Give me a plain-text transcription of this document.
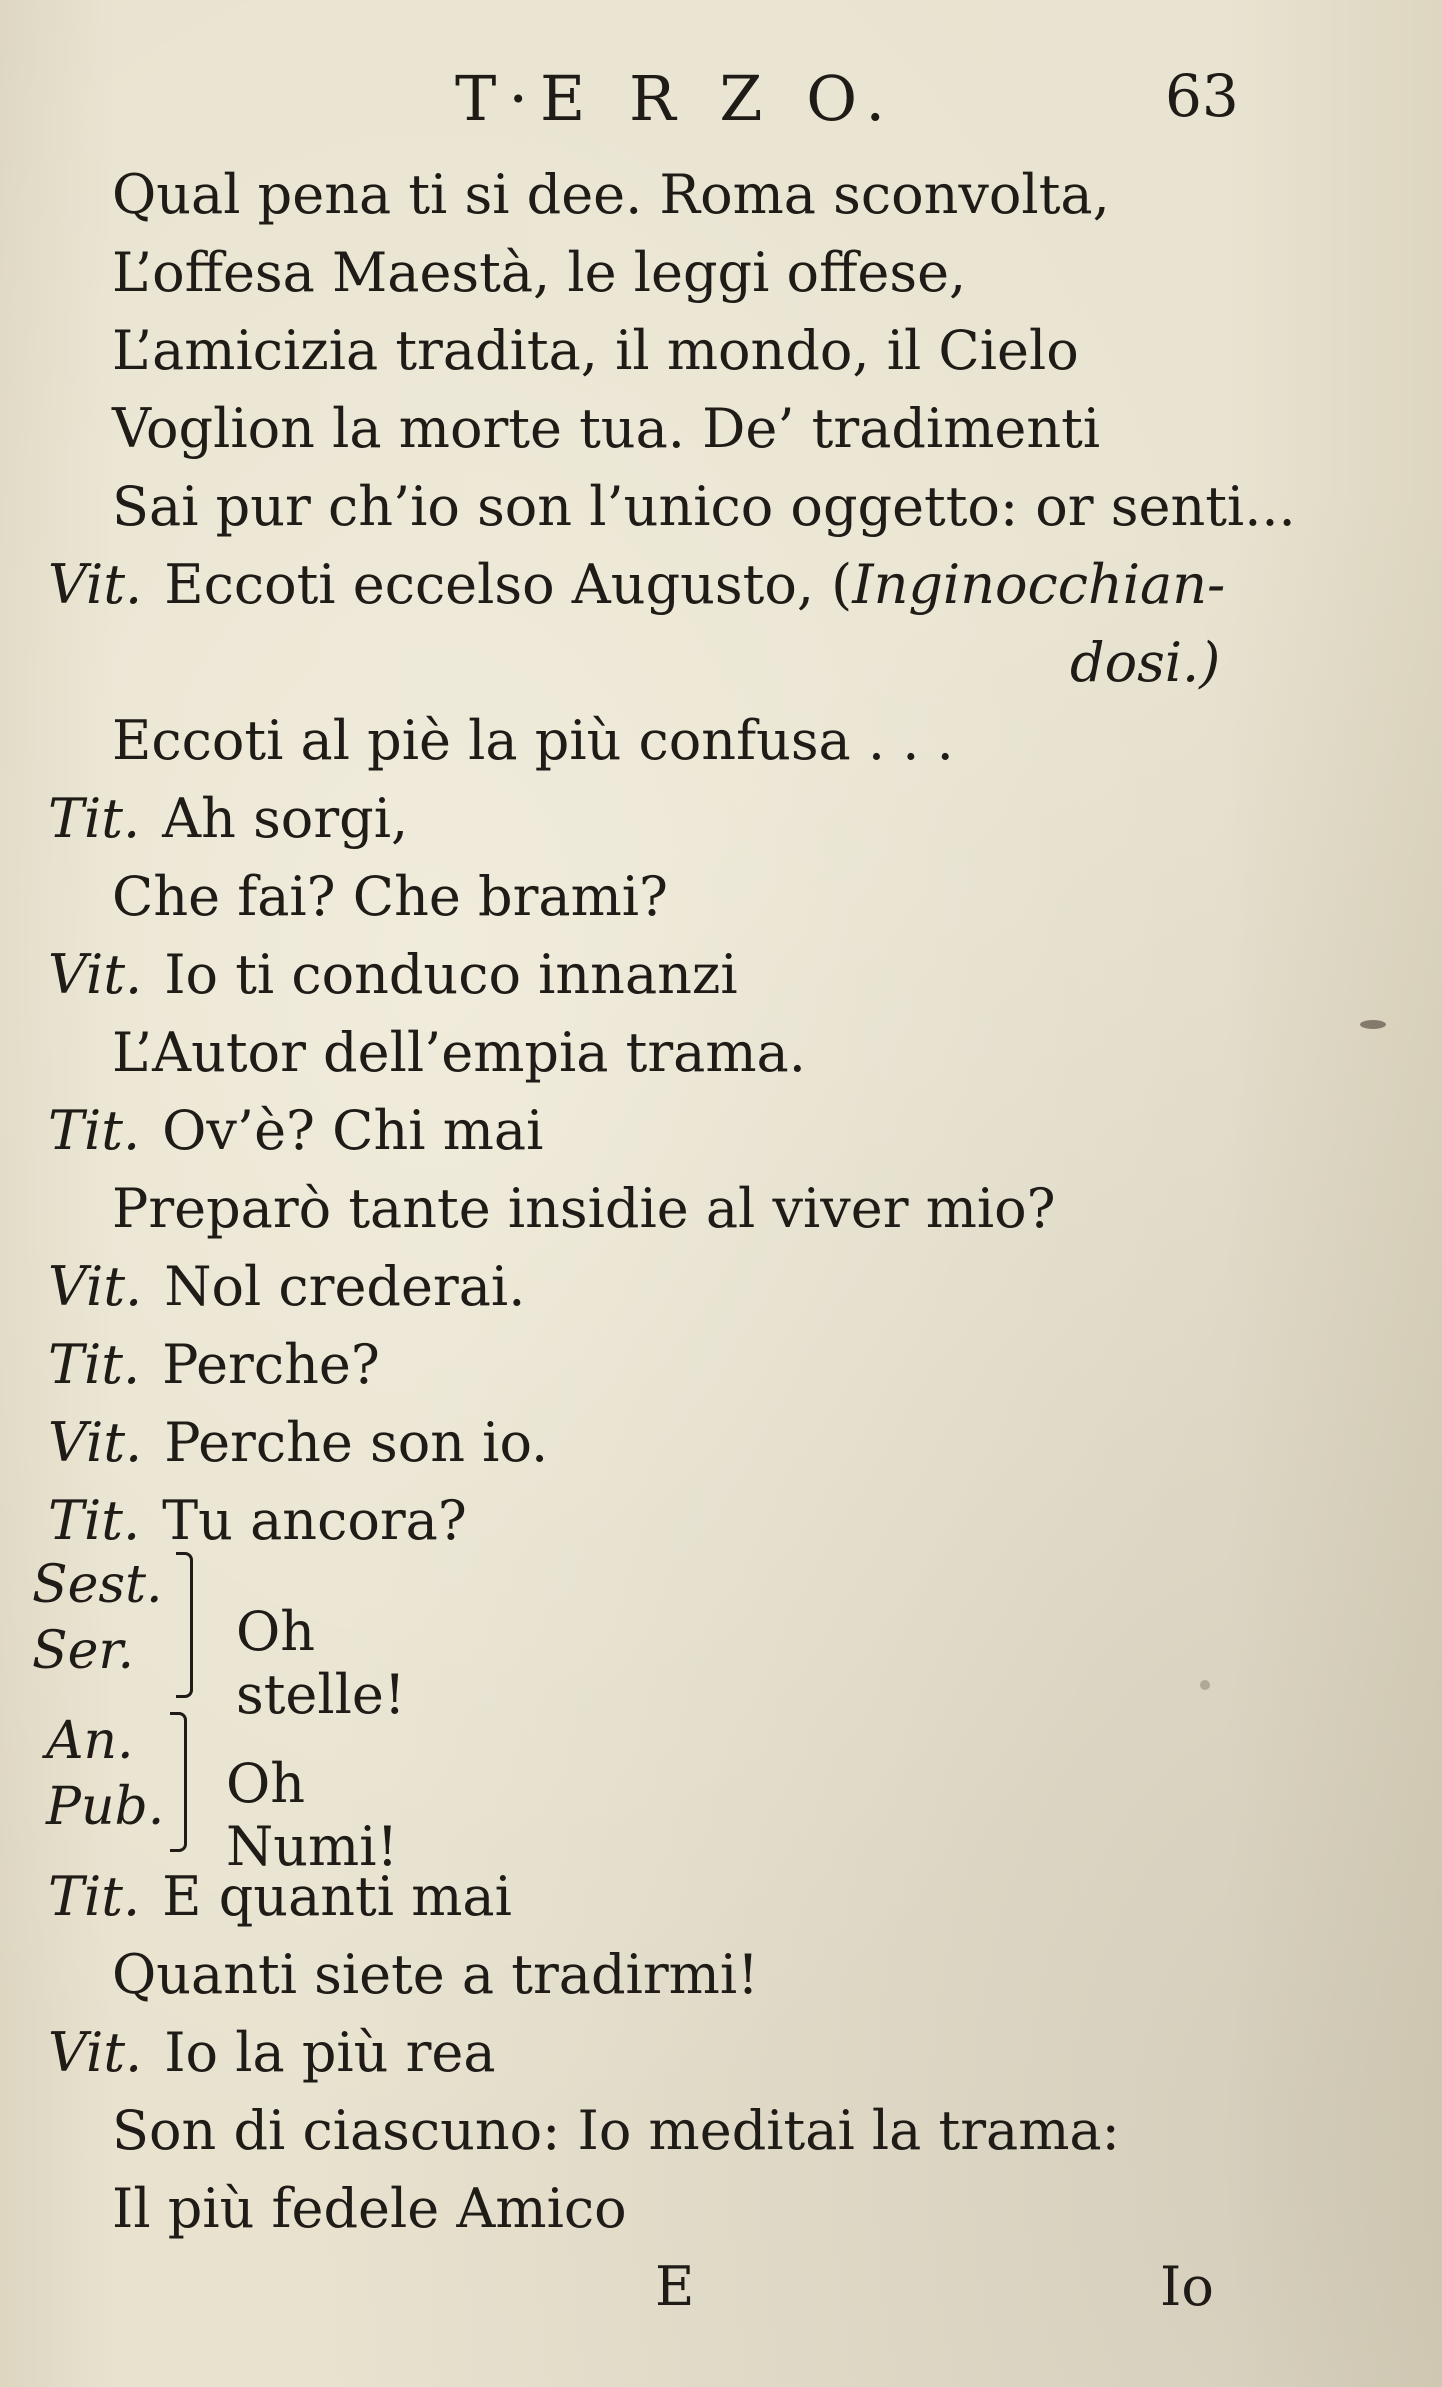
T·E R Z O.	63
Qual pena ti si dee. Roma sconvolta,
L’offesa Maestà, le leggi offese,
L’amicizia tradita, il mondo, il Cielo
Voglion la morte tua. De’ tradimenti
Sai pur ch’io son l’unico oggetto: or senti...
Vit. Eccoti eccelso Augusto, (Inginocchian-
dosi.)
Eccoti al piè la più confusa . . .
Tit. Ah sorgi,
Che fai? Che brami?
Vit. Io ti conduco innanzi
L’Autor dell’empia trama.
Tit. Ov’è? Chi mai
Preparò tante insidie al viver mio?
Vit. Nol crederai.
Tit. Perche?
Vit. Perche son io.
Tit. Tu ancora?
Sest.
Ser.	Oh stelle!
An.
Pub. Oh Numi!
Tit. E quanti mai
Quanti siete a tradirmi!
Vit. Io la più rea
Son di ciascuno: Io meditai la trama:
Il più fedele Amico
E	Io
